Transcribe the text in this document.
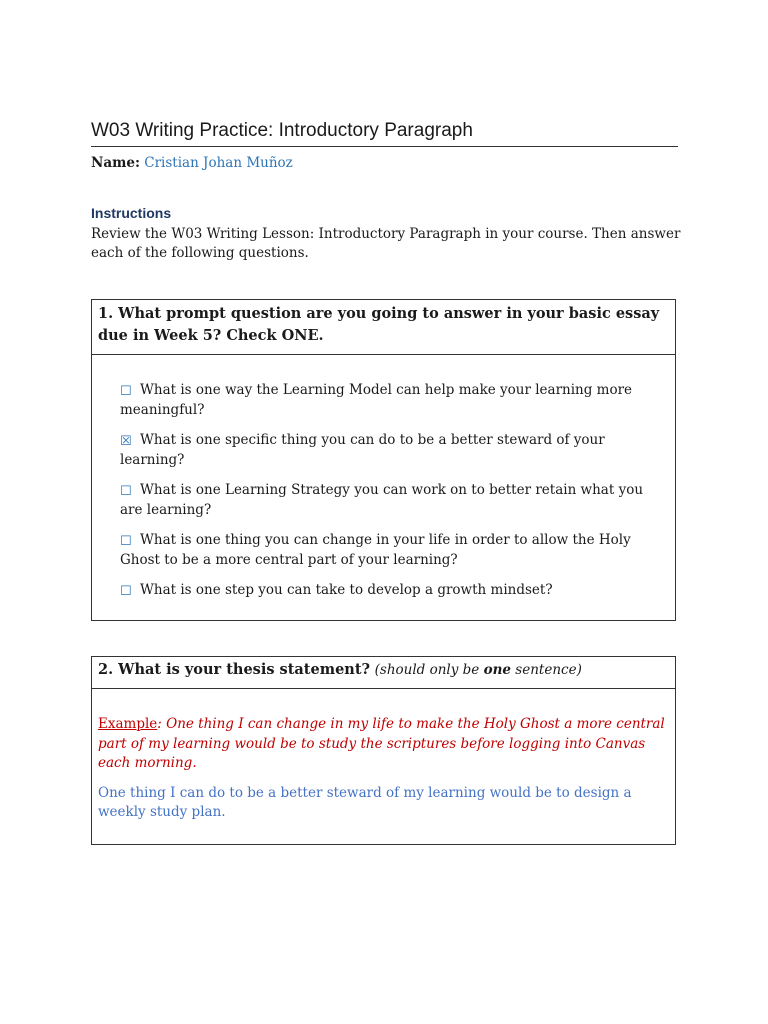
W03 Writing Practice: Introductory Paragraph
Name: Cristian Johan Muñoz
Instructions
Review the W03 Writing Lesson: Introductory Paragraph in your course. Then answer each of the following questions.
1. What prompt question are you going to answer in your basic essay due in Week 5? Check ONE.
☐ What is one way the Learning Model can help make your learning more meaningful?
☒ What is one specific thing you can do to be a better steward of your learning?
☐ What is one Learning Strategy you can work on to better retain what you are learning?
☐ What is one thing you can change in your life in order to allow the Holy Ghost to be a more central part of your learning?
☐ What is one step you can take to develop a growth mindset?
2. What is your thesis statement? (should only be one sentence)
Example: One thing I can change in my life to make the Holy Ghost a more central part of my learning would be to study the scriptures before logging into Canvas each morning.
One thing I can do to be a better steward of my learning would be to design a weekly study plan.
